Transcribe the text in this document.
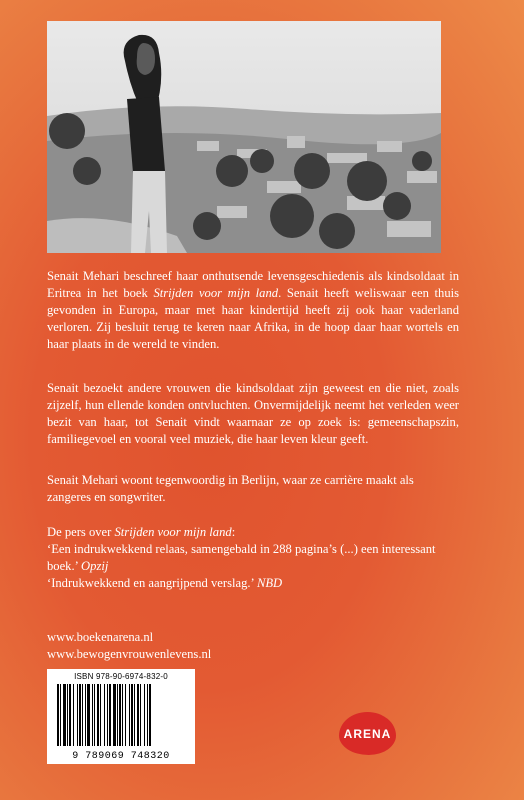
Senait Mehari beschreef haar onthutsende levensgeschiedenis als kindsoldaat in Eritrea in het boek Strijden voor mijn land. Senait heeft weliswaar een thuis gevonden in Europa, maar met haar kindertijd heeft zij ook haar vaderland verloren. Zij besluit terug te keren naar Afrika, in de hoop daar haar wortels en haar plaats in de wereld te vinden.

Senait bezoekt andere vrouwen die kindsoldaat zijn geweest en die niet, zoals zijzelf, hun ellende konden ontvluchten. Onvermijdelijk neemt het verleden weer bezit van haar, tot Senait vindt waarnaar ze op zoek is: gemeenschapszin, familiegevoel en vooral veel muziek, die haar leven kleur geeft.

Senait Mehari woont tegenwoordig in Berlijn, waar ze carrière maakt als zangeres en songwriter.

De pers over Strijden voor mijn land:

‘Een indrukwekkend relaas, samengebald in 288 pagina’s (...) een interessant boek.’ Opzij

‘Indrukwekkend en aangrijpend verslag.’ NBD

www.boekenarena.nl
www.bewogenvrouwenlevens.nl
ISBN 978-90-6974-832-0
9 789069 748320
ARENA
